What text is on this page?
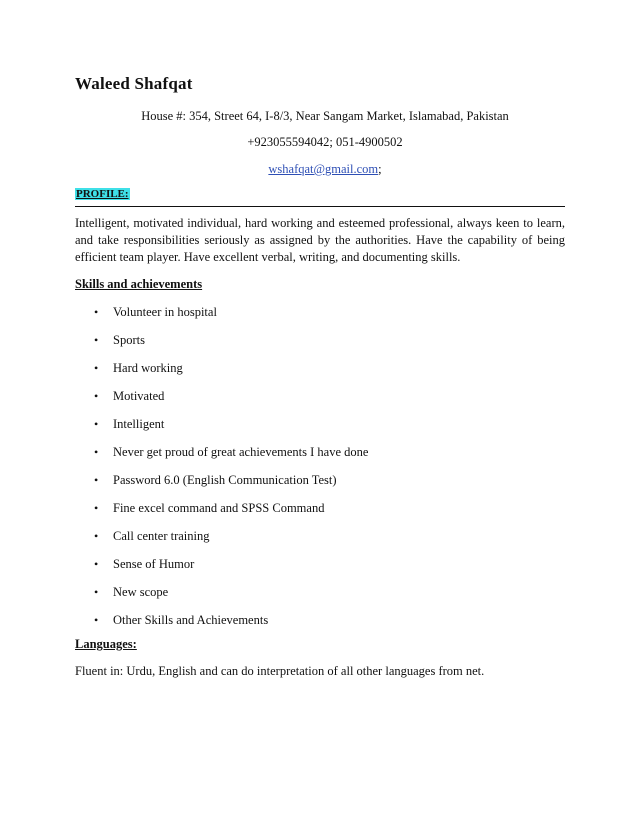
Waleed Shafqat

House #: 354, Street 64, I-8/3, Near Sangam Market, Islamabad, Pakistan

+923055594042; 051-4900502

wshafqat@gmail.com;

PROFILE:

Intelligent, motivated individual, hard working and esteemed professional, always keen to learn, and take responsibilities seriously as assigned by the authorities. Have the capability of being efficient team player. Have excellent verbal, writing, and documenting skills.

Skills and achievements
• Volunteer in hospital
• Sports
• Hard working
• Motivated
• Intelligent
• Never get proud of great achievements I have done
• Password 6.0 (English Communication Test)
• Fine excel command and SPSS Command
• Call center training
• Sense of Humor
• New scope
• Other Skills and Achievements
Languages:

Fluent in: Urdu, English and can do interpretation of all other languages from net.
